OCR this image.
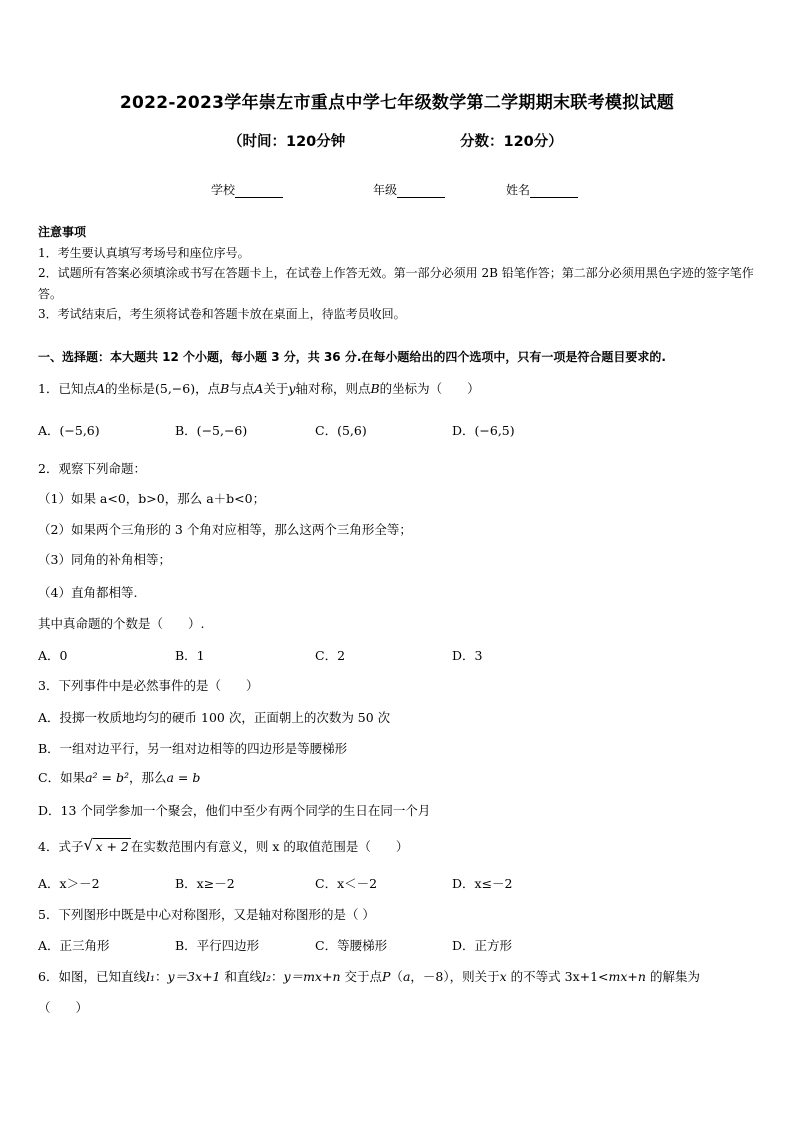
2022-2023学年崇左市重点中学七年级数学第二学期期末联考模拟试题
（时间：120分钟	分数：120分）
学校	年级	姓名
注意事项
1．考生要认真填写考场号和座位序号。
2．试题所有答案必须填涂或书写在答题卡上，在试卷上作答无效。第一部分必须用 2B 铅笔作答；第二部分必须用黑色字迹的签字笔作答。
3．考试结束后，考生须将试卷和答题卡放在桌面上，待监考员收回。
一、选择题：本大题共 12 个小题，每小题 3 分，共 36 分.在每小题给出的四个选项中，只有一项是符合题目要求的.
1．已知点A的坐标是(5,−6)，点B与点A关于y轴对称，则点B的坐标为（　　）
A．(−5,6)	B．(−5,−6)	C．(5,6)	D．(−6,5)
2．观察下列命题：
（1）如果 a<0，b>0，那么 a＋b<0；
（2）如果两个三角形的 3 个角对应相等，那么这两个三角形全等；
（3）同角的补角相等；
（4）直角都相等.
其中真命题的个数是（　　）.
A．0	B．1	C．2	D．3
3．下列事件中是必然事件的是（　　）
A．投掷一枚质地均匀的硬币 100 次，正面朝上的次数为 50 次
B．一组对边平行，另一组对边相等的四边形是等腰梯形
C．如果a² = b²，那么a = b
D．13 个同学参加一个聚会，他们中至少有两个同学的生日在同一个月
4．式子 √ x + 2 在实数范围内有意义，则 x 的取值范围是（　　）
A．x＞－2	B．x≥－2	C．x＜－2	D．x≤－2
5．下列图形中既是中心对称图形，又是轴对称图形的是（ ）
A．正三角形	B．平行四边形	C．等腰梯形	D．正方形
6．如图，已知直线l₁：y＝3x+1 和直线l₂：y＝mx+n 交于点P（a，－8），则关于x 的不等式 3x+1<mx+n 的解集为
（　　）
